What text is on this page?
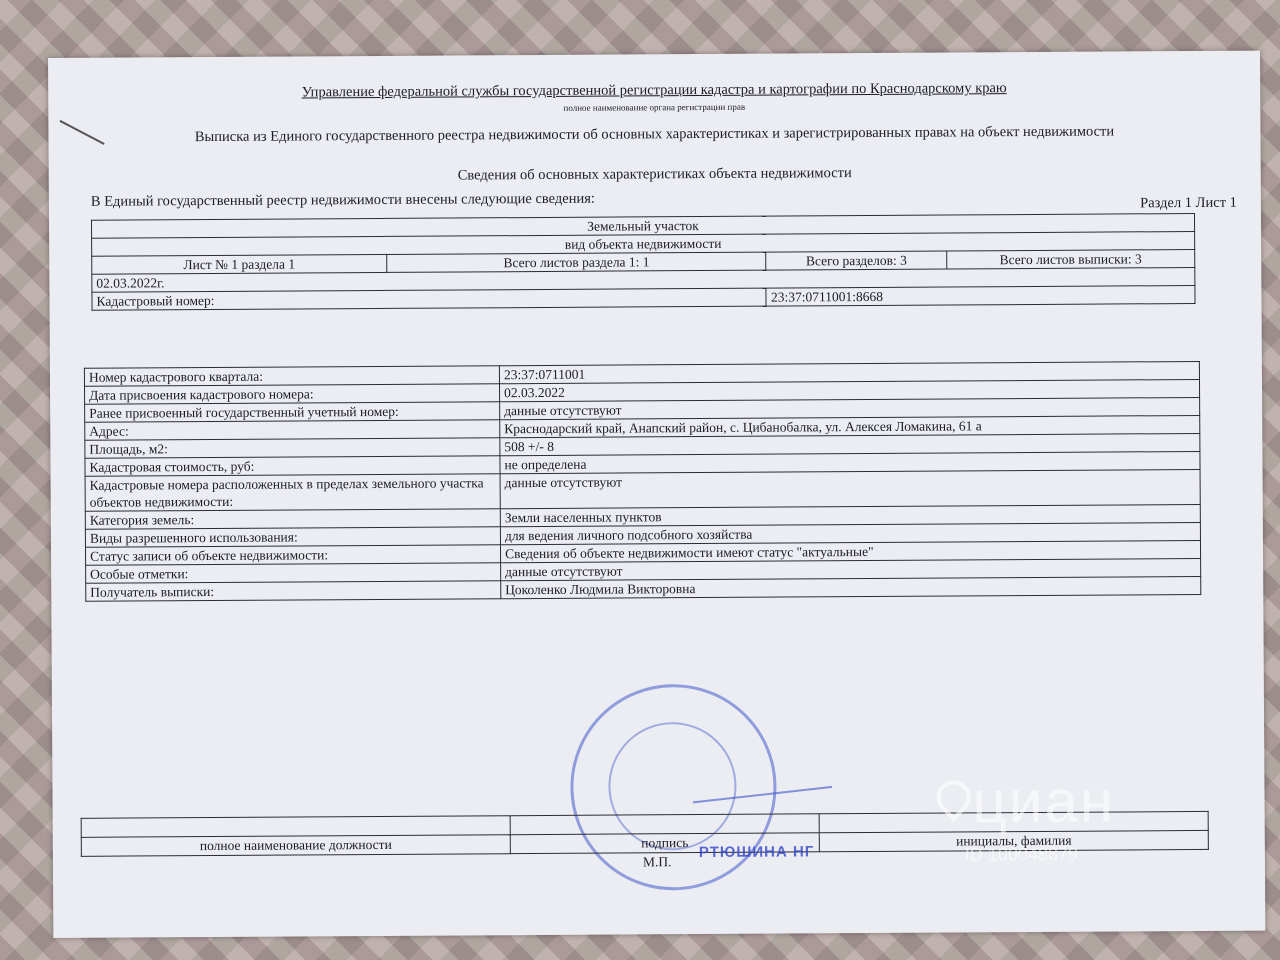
Управление федеральной службы государственной регистрации кадастра и картографии по Краснодарскому краю
полное наименование органа регистрации прав
Выписка из Единого государственного реестра недвижимости об основных характеристиках и зарегистрированных правах на объект недвижимости
Сведения об основных характеристиках объекта недвижимости
В Единый государственный реестр недвижимости внесены следующие сведения:	Раздел 1 Лист 1
Земельный участок			
вид объекта недвижимости			
Лист № 1 раздела 1	Всего листов раздела 1: 1	Всего разделов: 3	Всего листов выписки: 3
02.03.2022г.			
Кадастровый номер:		23:37:0711001:8668	
Номер кадастрового квартала:	23:37:0711001
Дата присвоения кадастрового номера:	02.03.2022
Ранее присвоенный государственный учетный номер:	данные отсутствуют
Адрес:	Краснодарский край, Анапский район, с. Цибанобалка, ул. Алексея Ломакина, 61 а
Площадь, м2:	508 +/- 8
Кадастровая стоимость, руб:	не определена
Кадастровые номера расположенных в пределах земельного участка объектов недвижимости:	данные отсутствуют
Категория земель:	Земли населенных пунктов
Виды разрешенного использования:	для ведения личного подсобного хозяйства
Статус записи об объекте недвижимости:	Сведения об объекте недвижимости имеют статус "актуальные"
Особые отметки:	данные отсутствуют
Получатель выписки:	Цоколенко Людмила Викторовна

полное наименование должности	подпись	инициалы, фамилия
М.П.
РТЮШИНА НГ
циан
ID 100048879
